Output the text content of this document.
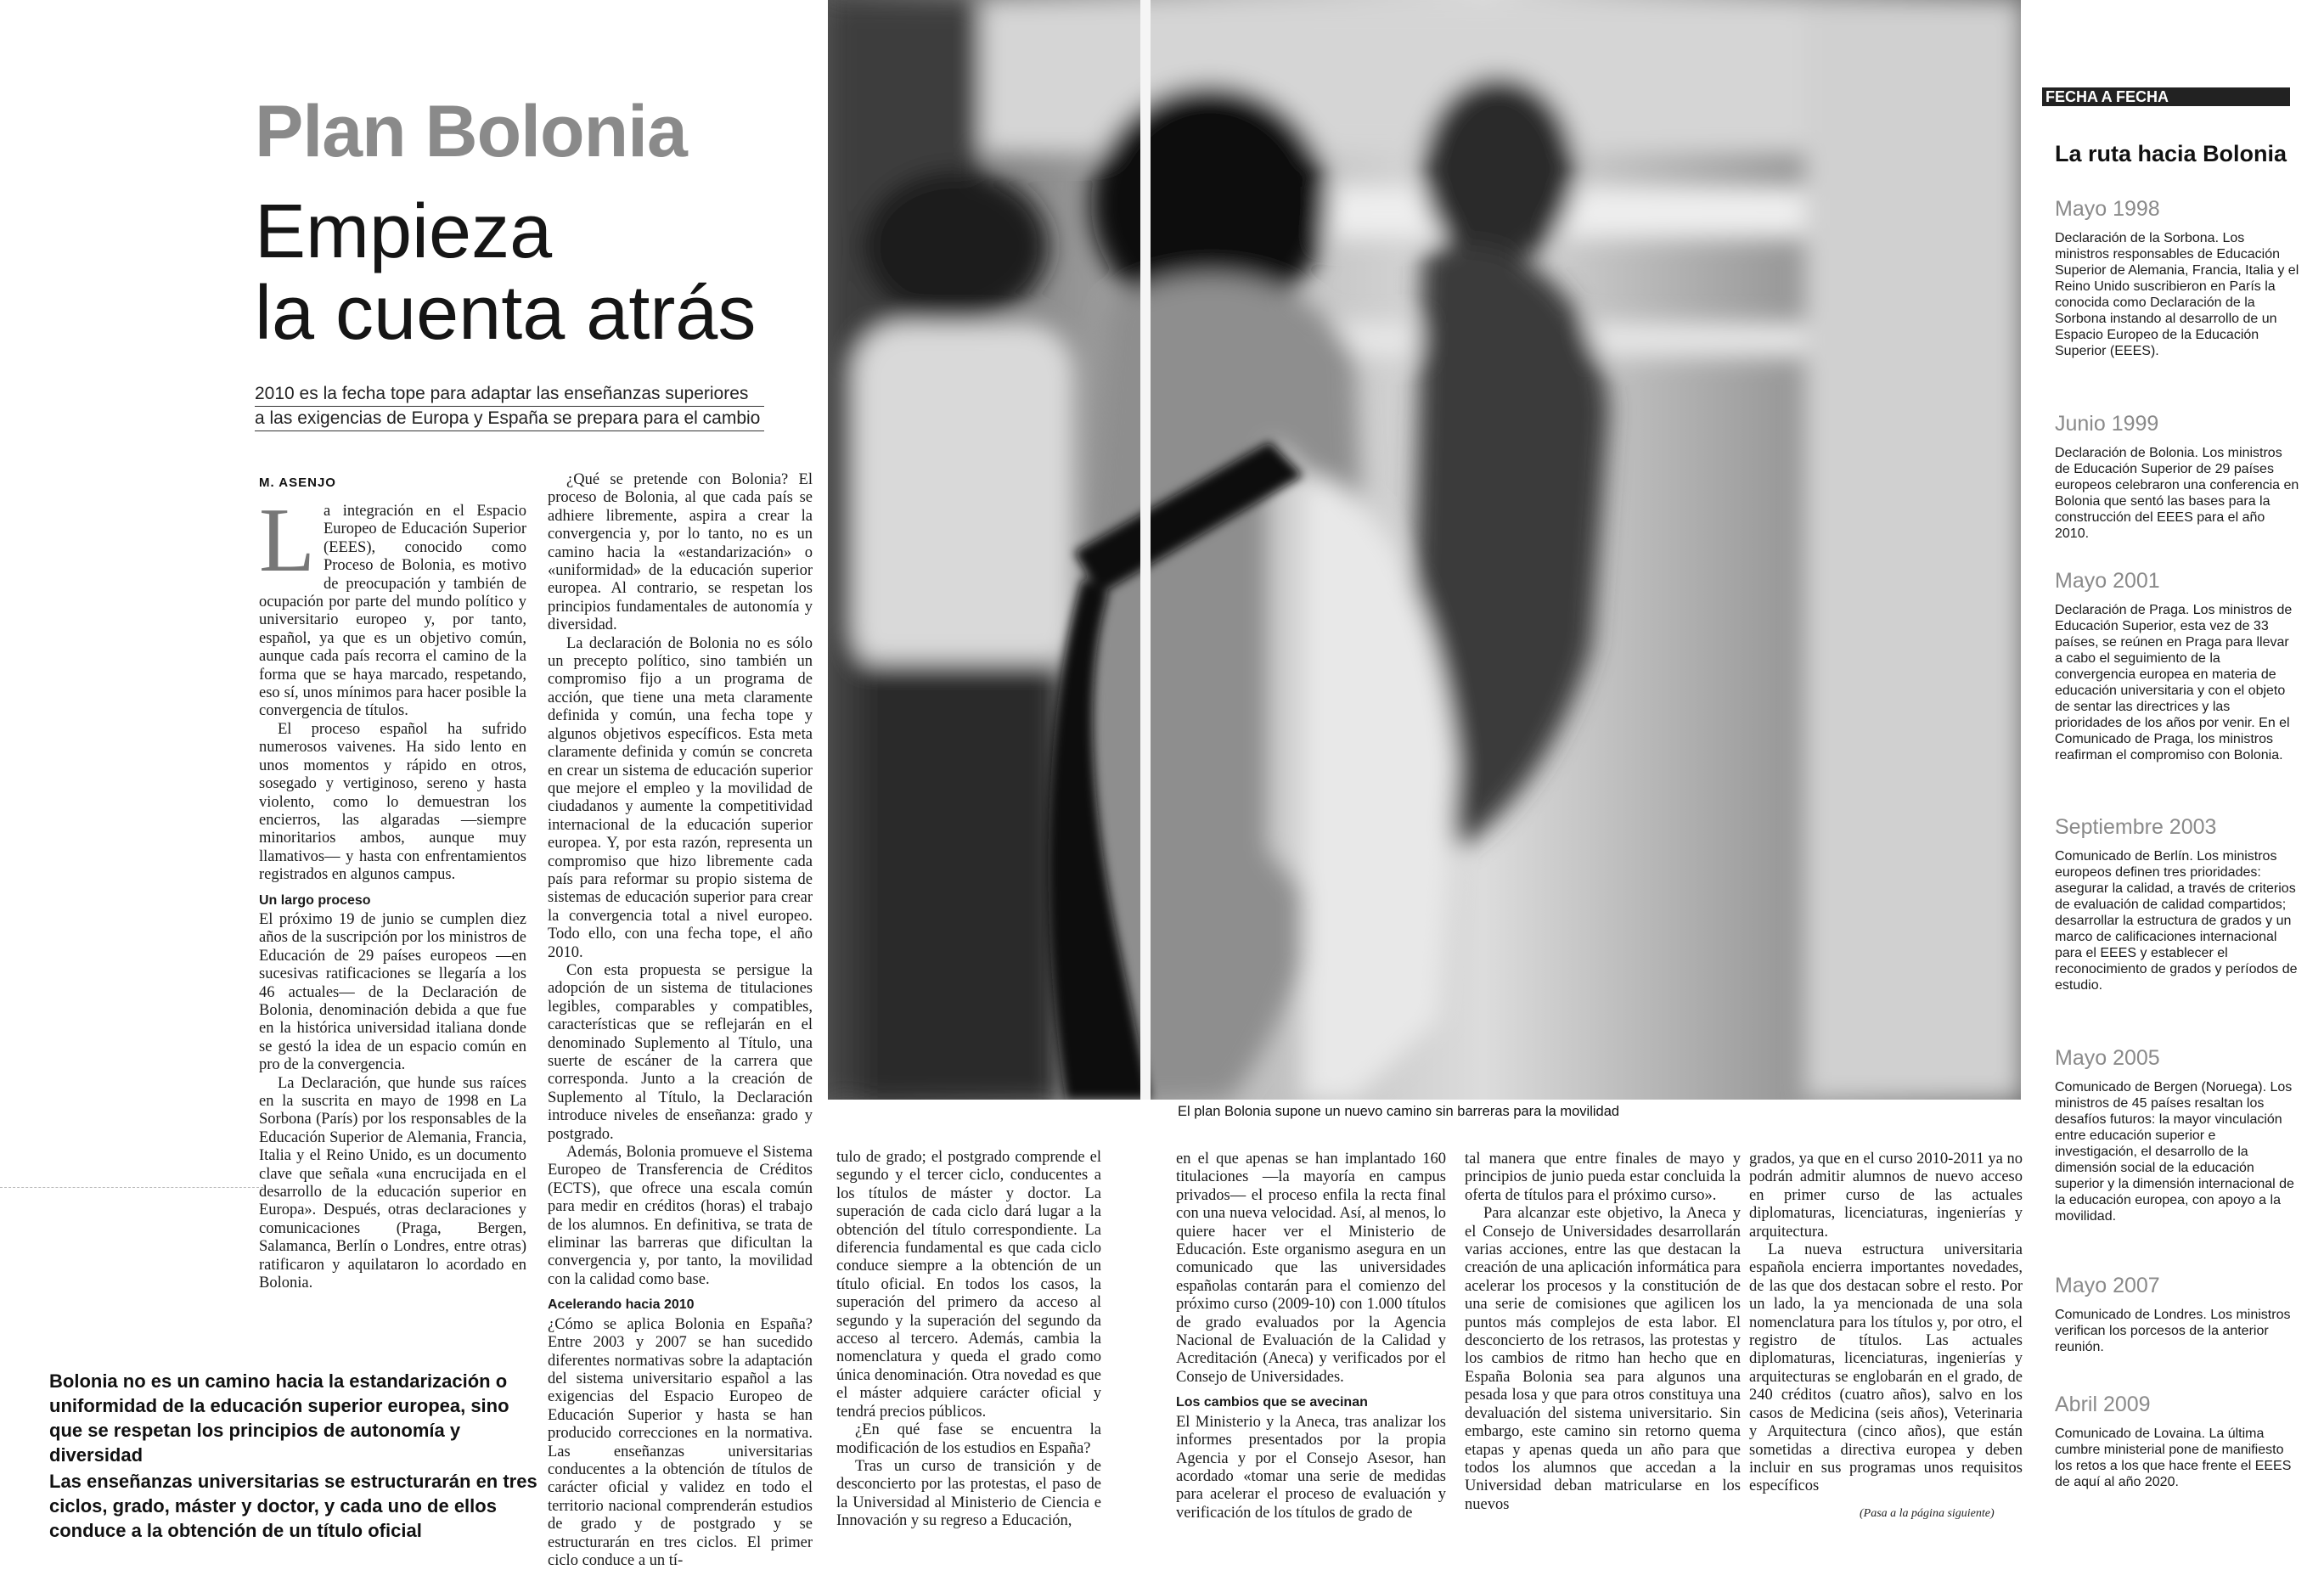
Plan Bolonia
Empieza
la cuenta atrás
2010 es la fecha tope para adaptar las enseñanzas superiores
a las exigencias de Europa y España se prepara para el cambio
M. ASENJO

La integración en el Espacio Europeo de Educación Superior (EEES), conocido como Proceso de Bolonia, es motivo de preocupación y también de ocupación por parte del mundo político y universitario europeo y, por tanto, español, ya que es un objetivo común, aunque cada país recorra el camino de la forma que se haya marcado, respetando, eso sí, unos mínimos para hacer posible la convergencia de títulos.

El proceso español ha sufrido numerosos vaivenes. Ha sido lento en unos momentos y rápido en otros, sosegado y vertiginoso, sereno y hasta violento, como lo demuestran los encierros, las algaradas —siempre minoritarios ambos, aunque muy llamativos— y hasta con enfrentamientos registrados en algunos campus.

Un largo proceso

El próximo 19 de junio se cumplen diez años de la suscripción por los ministros de Educación de 29 países europeos —en sucesivas ratificaciones se llegaría a los 46 actuales— de la Declaración de Bolonia, denominación debida a que fue en la histórica universidad italiana donde se gestó la idea de un espacio común en pro de la convergencia.

La Declaración, que hunde sus raíces en la suscrita en mayo de 1998 en La Sorbona (París) por los responsables de la Educación Superior de Alemania, Francia, Italia y el Reino Unido, es un documento clave que señala «una encrucijada en el desarrollo de la educación superior en Europa». Después, otras declaraciones y comunicaciones (Praga, Bergen, Salamanca, Berlín o Londres, entre otras) ratificaron y aquilataron lo acordado en Bolonia.

¿Qué se pretende con Bolonia? El proceso de Bolonia, al que cada país se adhiere libremente, aspira a crear la convergencia y, por lo tanto, no es un camino hacia la «estandarización» o «uniformidad» de la educación superior europea. Al contrario, se respetan los principios fundamentales de autonomía y diversidad.

La declaración de Bolonia no es sólo un precepto político, sino también un compromiso fijo a un programa de acción, que tiene una meta claramente definida y común, una fecha tope y algunos objetivos específicos. Esta meta claramente definida y común se concreta en crear un sistema de educación superior que mejore el empleo y la movilidad de ciudadanos y aumente la competitividad internacional de la educación superior europea. Y, por esta razón, representa un compromiso que hizo libremente cada país para reformar su propio sistema de sistemas de educación superior para crear la convergencia total a nivel europeo. Todo ello, con una fecha tope, el año 2010.

Con esta propuesta se persigue la adopción de un sistema de titulaciones legibles, comparables y compatibles, características que se reflejarán en el denominado Suplemento al Título, una suerte de escáner de la carrera que corresponda. Junto a la creación de Suplemento al Título, la Declaración introduce niveles de enseñanza: grado y postgrado.

Además, Bolonia promueve el Sistema Europeo de Transferencia de Créditos (ECTS), que ofrece una escala común para medir en créditos (horas) el trabajo de los alumnos. En definitiva, se trata de eliminar las barreras que dificultan la convergencia y, por tanto, la movilidad con la calidad como base.

Acelerando hacia 2010

¿Cómo se aplica Bolonia en España? Entre 2003 y 2007 se han sucedido diferentes normativas sobre la adaptación del sistema universitario español a las exigencias del Espacio Europeo de Educación Superior y hasta se han producido correcciones en la normativa. Las enseñanzas universitarias conducentes a la obtención de títulos de carácter oficial y validez en todo el territorio nacional comprenderán estudios de grado y de postgrado y se estructurarán en tres ciclos. El primer ciclo conduce a un tí-

Bolonia no es un camino hacia la estandarización o uniformidad de la educación superior europea, sino que se respetan los principios de autonomía y diversidad
Las enseñanzas universitarias se estructurarán en tres ciclos, grado, máster y doctor, y cada uno de ellos conduce a la obtención de un título oficial
El plan Bolonia supone un nuevo camino sin barreras para la movilidad

tulo de grado; el postgrado comprende el segundo y el tercer ciclo, conducentes a los títulos de máster y doctor. La superación de cada ciclo dará lugar a la obtención del título correspondiente. La diferencia fundamental es que cada ciclo conduce siempre a la obtención de un título oficial. En todos los casos, la superación del primero da acceso al segundo y la superación del segundo da acceso al tercero. Además, cambia la nomenclatura y queda el grado como única denominación. Otra novedad es que el máster adquiere carácter oficial y tendrá precios públicos.

¿En qué fase se encuentra la modificación de los estudios en España?

Tras un curso de transición y de desconcierto por las protestas, el paso de la Universidad al Ministerio de Ciencia e Innovación y su regreso a Educación,

en el que apenas se han implantado 160 titulaciones —la mayoría en campus privados— el proceso enfila la recta final con una nueva velocidad. Así, al menos, lo quiere hacer ver el Ministerio de Educación. Este organismo asegura en un comunicado que las universidades españolas contarán para el comienzo del próximo curso (2009-10) con 1.000 títulos de grado evaluados por la Agencia Nacional de Evaluación de la Calidad y Acreditación (Aneca) y verificados por el Consejo de Universidades.

Los cambios que se avecinan

El Ministerio y la Aneca, tras analizar los informes presentados por la propia Agencia y por el Consejo Asesor, han acordado «tomar una serie de medidas para acelerar el proceso de evaluación y verificación de los títulos de grado de

tal manera que entre finales de mayo y principios de junio pueda estar concluida la oferta de títulos para el próximo curso».

Para alcanzar este objetivo, la Aneca y el Consejo de Universidades desarrollarán varias acciones, entre las que destacan la creación de una aplicación informática para acelerar los procesos y la constitución de una serie de comisiones que agilicen los puntos más complejos de esta labor. El desconcierto de los retrasos, las protestas y los cambios de ritmo han hecho que en España Bolonia sea para algunos una pesada losa y que para otros constituya una devaluación del sistema universitario. Sin embargo, este camino sin retorno quema etapas y apenas queda un año para que todos los alumnos que accedan a la Universidad deban matricularse en los nuevos

grados, ya que en el curso 2010-2011 ya no podrán admitir alumnos de nuevo acceso en primer curso de las actuales diplomaturas, licenciaturas, ingenierías y arquitectura.

La nueva estructura universitaria española encierra importantes novedades, de las que dos destacan sobre el resto. Por un lado, la ya mencionada de una sola nomenclatura para los títulos y, por otro, el registro de títulos. Las actuales diplomaturas, licenciaturas, ingenierías y arquitecturas se englobarán en el grado, de 240 créditos (cuatro años), salvo en los casos de Medicina (seis años), Veterinaria y Arquitectura (cinco años), que están sometidas a directiva europea y deben incluir en sus programas unos requisitos específicos

(Pasa a la página siguiente)
FECHA A FECHA
La ruta hacia Bolonia
Mayo 1998
Declaración de la Sorbona. Los ministros responsables de Educación Superior de Alemania, Francia, Italia y el Reino Unido suscribieron en París la conocida como Declaración de la Sorbona instando al desarrollo de un Espacio Europeo de la Educación Superior (EEES).
Junio 1999
Declaración de Bolonia. Los ministros de Educación Superior de 29 países europeos celebraron una conferencia en Bolonia que sentó las bases para la construcción del EEES para el año 2010.
Mayo 2001
Declaración de Praga. Los ministros de Educación Superior, esta vez de 33 países, se reúnen en Praga para llevar a cabo el seguimiento de la convergencia europea en materia de educación universitaria y con el objeto de sentar las directrices y las prioridades de los años por venir. En el Comunicado de Praga, los ministros reafirman el compromiso con Bolonia.
Septiembre 2003
Comunicado de Berlín. Los ministros europeos definen tres prioridades: asegurar la calidad, a través de criterios de evaluación de calidad compartidos; desarrollar la estructura de grados y un marco de calificaciones internacional para el EEES y establecer el reconocimiento de grados y períodos de estudio.
Mayo 2005
Comunicado de Bergen (Noruega). Los ministros de 45 países resaltan los desafíos futuros: la mayor vinculación entre educación superior e investigación, el desarrollo de la dimensión social de la educación superior y la dimensión internacional de la educación europea, con apoyo a la movilidad.
Mayo 2007
Comunicado de Londres. Los ministros verifican los porcesos de la anterior reunión.
Abril 2009
Comunicado de Lovaina. La última cumbre ministerial pone de manifiesto los retos a los que hace frente el EEES de aquí al año 2020.
